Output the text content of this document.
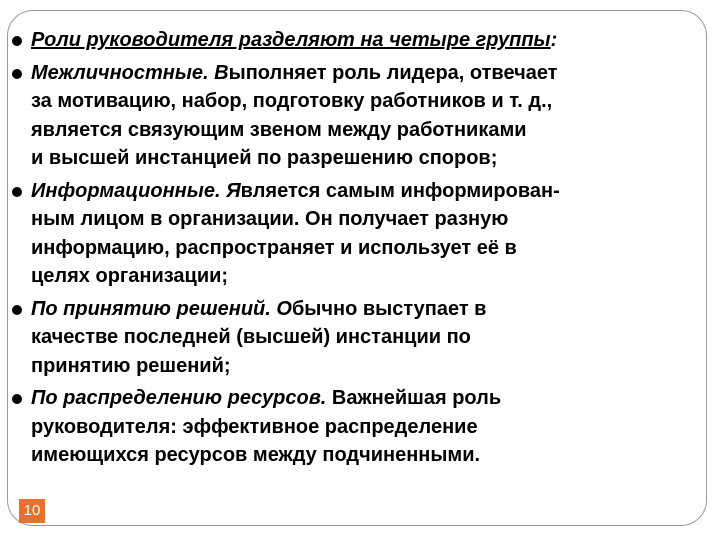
Роли руководителя разделяют на четыре группы:

Межличностные. Выполняет роль лидера, отвечает
за мотивацию, набор, подготовку работников и т. д.,
является связующим звеном между работниками
и высшей инстанцией по разрешению споров;

Информационные. Является самым информирован-
ным лицом в организации. Он получает разную
информацию, распространяет и использует её в
целях организации;

По принятию решений. Обычно выступает в
качестве последней (высшей) инстанции по
принятию решений;

По распределению ресурсов. Важнейшая роль
руководителя: эффективное распределение
имеющихся ресурсов между подчиненными.

10
